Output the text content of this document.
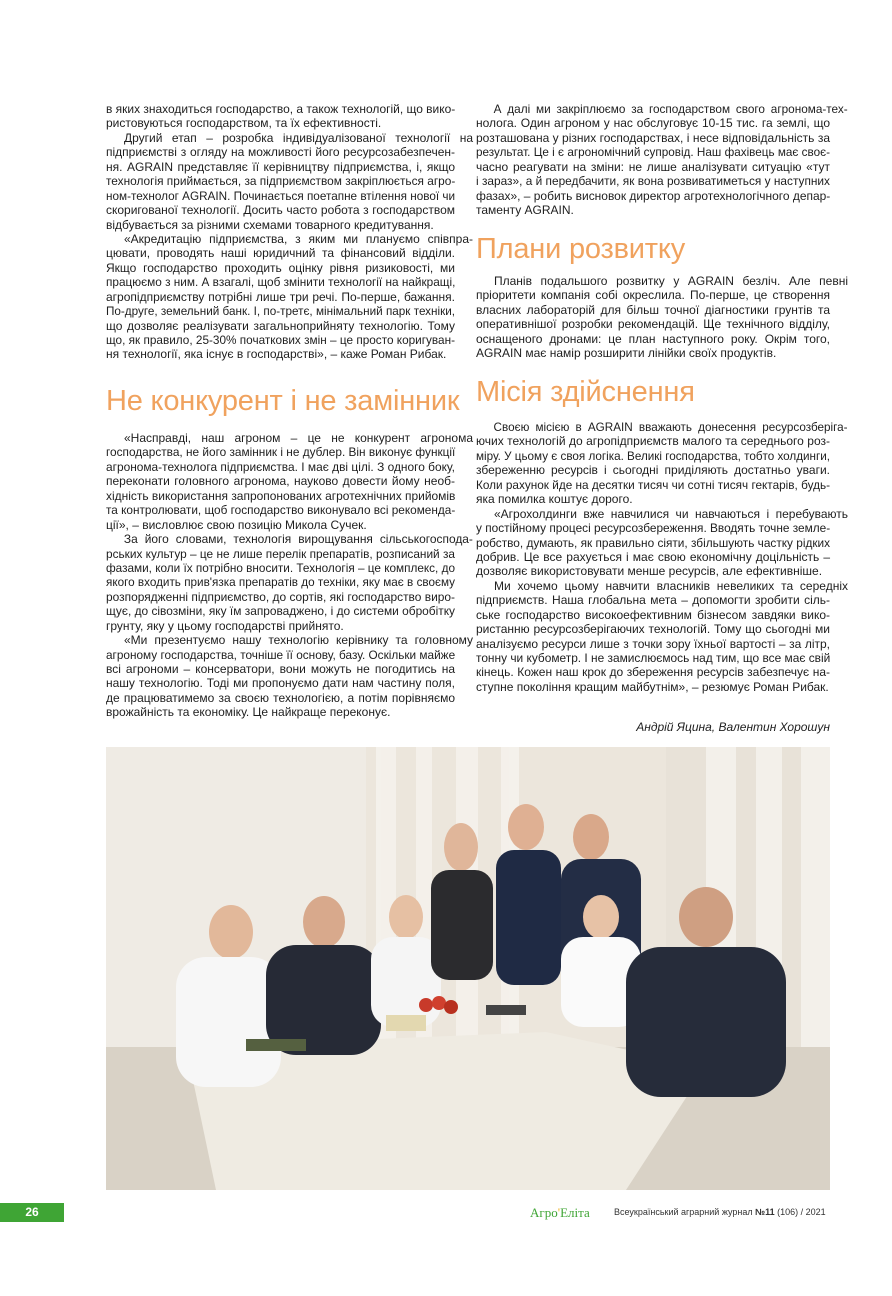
в яких знаходиться господарство, а також технологій, що вико-
ристовуються господарством, та їх ефективності.
Другий етап – розробка індивідуалізованої технології на
підприємстві з огляду на можливості його ресурсозабезпечен-
ня. AGRAIN представляє її керівництву підприємства, і, якщо
технологія приймається, за підприємством закріплюється агро-
ном-технолог AGRAIN. Починається поетапне втілення нової чи
скоригованої технології. Досить часто робота з господарством
відбувається за різними схемами товарного кредитування.
«Акредитацію підприємства, з яким ми плануємо співпра-
цювати, проводять наші юридичний та фінансовий відділи.
Якщо господарство проходить оцінку рівня ризиковості, ми
працюємо з ним. А взагалі, щоб змінити технології на найкращі,
агропідприємству потрібні лише три речі. По-перше, бажання.
По-друге, земельний банк. І, по-третє, мінімальний парк техніки,
що дозволяє реалізувати загальноприйняту технологію. Тому
що, як правило, 25-30% початкових змін – це просто коригуван-
ня технології, яка існує в господарстві», – каже Роман Рибак.
Не конкурент і не замінник
«Насправді, наш агроном – це не конкурент агронома
господарства, не його замінник і не дублер. Він виконує функції
агронома-технолога підприємства. І має дві цілі. З одного боку,
переконати головного агронома, науково довести йому необ-
хідність використання запропонованих агротехнічних прийомів
та контролювати, щоб господарство виконувало всі рекоменда-
ції», – висловлює свою позицію Микола Сучек.
За його словами, технологія вирощування сільськогоспода-
рських культур – це не лише перелік препаратів, розписаний за
фазами, коли їх потрібно вносити. Технологія – це комплекс, до
якого входить прив'язка препаратів до техніки, яку має в своєму
розпорядженні підприємство, до сортів, які господарство виро-
щує, до сівозміни, яку їм запроваджено, і до системи обробітку
грунту, яку у цьому господарстві прийнято.
«Ми презентуємо нашу технологію керівнику та головному
агроному господарства, точніше її основу, базу. Оскільки майже
всі агрономи – консерватори, вони можуть не погодитись на
нашу технологію. Тоді ми пропонуємо дати нам частину поля,
де працюватимемо за своєю технологією, а потім порівняємо
врожайність та економіку. Це найкраще переконує.
А далі ми закріплюємо за господарством свого агронома-тех-
нолога. Один агроном у нас обслуговує 10-15 тис. га землі, що
розташована у різних господарствах, і несе відповідальність за
результат. Це і є агрономічний супровід. Наш фахівець має своє-
часно реагувати на зміни: не лише аналізувати ситуацію «тут
і зараз», а й передбачити, як вона розвиватиметься у наступних
фазах», – робить висновок директор агротехнологічного депар-
таменту AGRAIN.
Плани розвитку
Планів подальшого розвитку у AGRAIN безліч. Але певні
пріоритети компанія собі окреслила. По-перше, це створення
власних лабораторій для більш точної діагностики грунтів та
оперативнішої розробки рекомендацій. Ще технічного відділу,
оснащеного дронами: це план наступного року. Окрім того,
AGRAIN має намір розширити лінійки своїх продуктів.
Місія здійснення
Своєю місією в AGRAIN вважають донесення ресурсозберіга-
ючих технологій до агропідприємств малого та середнього роз-
міру. У цьому є своя логіка. Великі господарства, тобто холдинги,
збереженню ресурсів і сьогодні приділяють достатньо уваги.
Коли рахунок йде на десятки тисяч чи сотні тисяч гектарів, будь-
яка помилка коштує дорого.
«Агрохолдинги вже навчилися чи навчаються і перебувають
у постійному процесі ресурсозбереження. Вводять точне земле-
робство, думають, як правильно сіяти, збільшують частку рідких
добрив. Це все рахується і має свою економічну доцільність –
дозволяє використовувати менше ресурсів, але ефективніше.
Ми хочемо цьому навчити власників невеликих та середніх
підприємств. Наша глобальна мета – допомогти зробити сіль-
ське господарство високоефективним бізнесом завдяки вико-
ристанню ресурсозберігаючих технологій. Тому що сьогодні ми
аналізуємо ресурси лише з точки зору їхньої вартості – за літр,
тонну чи кубометр. І не замислюємось над тим, що все має свій
кінець. Кожен наш крок до збереження ресурсів забезпечує на-
ступне покоління кращим майбутнім», – резюмує Роман Рибак.
Андрій Яцина, Валентин Хорошун
26	Агро'Еліта	Всеукраїнський аграрний журнал №11 (106) / 2021
